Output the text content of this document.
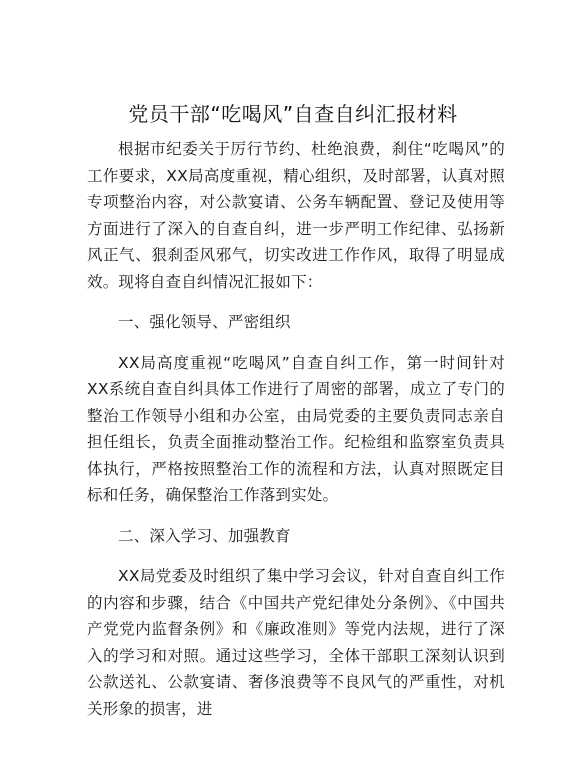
党员干部“吃喝风”自查自纠汇报材料

根据市纪委关于厉行节约、杜绝浪费，刹住“吃喝风”的工作要求，XX局高度重视，精心组织，及时部署，认真对照专项整治内容，对公款宴请、公务车辆配置、登记及使用等方面进行了深入的自查自纠，进一步严明工作纪律、弘扬新风正气、狠刹歪风邪气，切实改进工作作风，取得了明显成效。现将自查自纠情况汇报如下：

一、强化领导、严密组织

XX局高度重视“吃喝风”自查自纠工作，第一时间针对XX系统自查自纠具体工作进行了周密的部署，成立了专门的整治工作领导小组和办公室，由局党委的主要负责同志亲自担任组长，负责全面推动整治工作。纪检组和监察室负责具体执行，严格按照整治工作的流程和方法，认真对照既定目标和任务，确保整治工作落到实处。

二、深入学习、加强教育

XX局党委及时组织了集中学习会议，针对自查自纠工作的内容和步骤，结合《中国共产党纪律处分条例》、《中国共产党党内监督条例》和《廉政准则》等党内法规，进行了深入的学习和对照。通过这些学习，全体干部职工深刻认识到公款送礼、公款宴请、奢侈浪费等不良风气的严重性，对机关形象的损害，进
